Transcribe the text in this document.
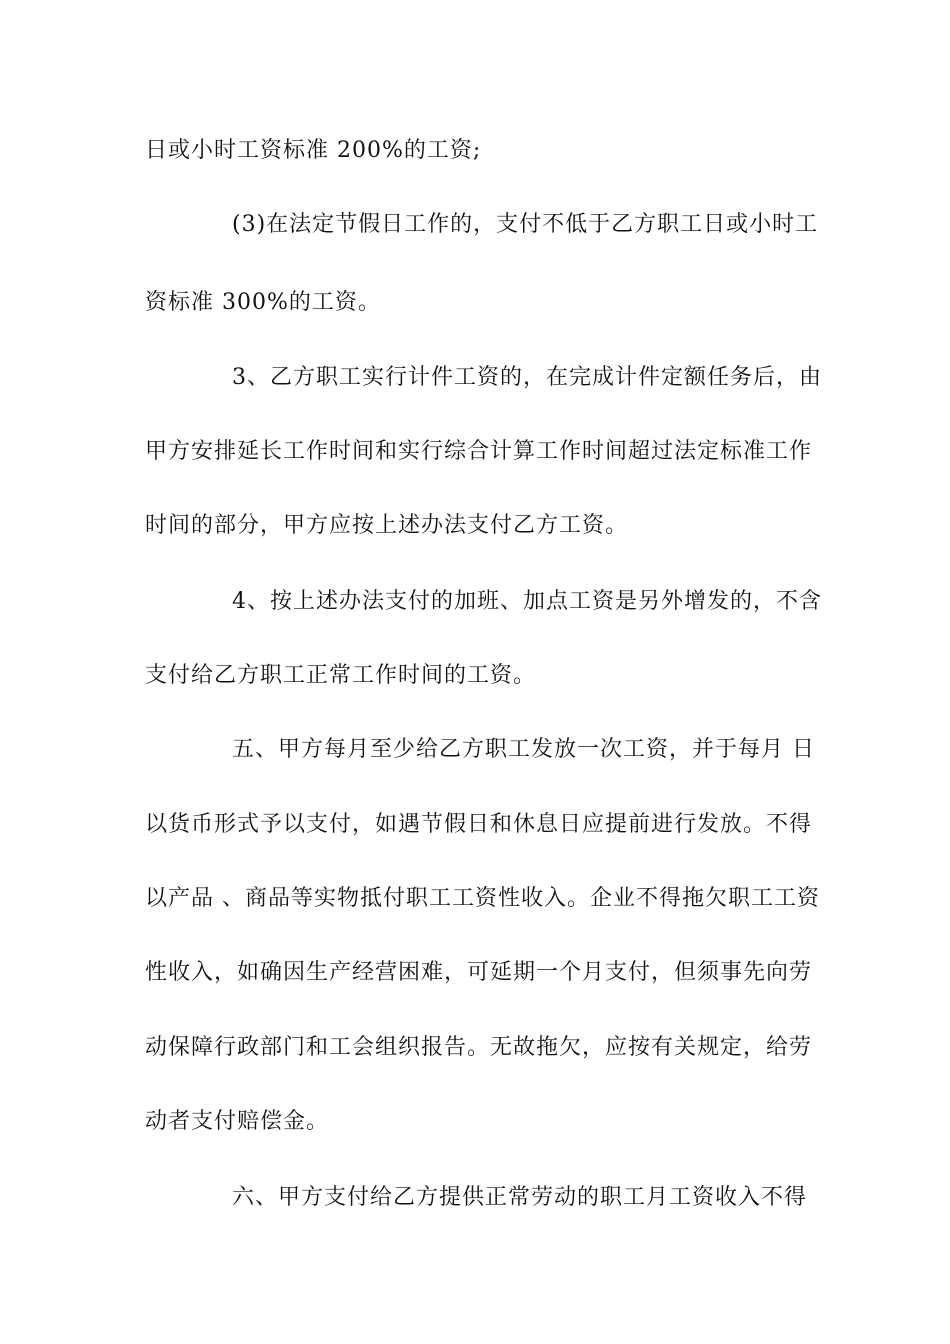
日或小时工资标准 200%的工资;
(3)在法定节假日工作的，支付不低于乙方职工日或小时工
资标准 300%的工资。
3、乙方职工实行计件工资的，在完成计件定额任务后，由
甲方安排延长工作时间和实行综合计算工作时间超过法定标准工作
时间的部分，甲方应按上述办法支付乙方工资。
4、按上述办法支付的加班、加点工资是另外增发的，不含
支付给乙方职工正常工作时间的工资。
五、甲方每月至少给乙方职工发放一次工资，并于每月 日
以货币形式予以支付，如遇节假日和休息日应提前进行发放。不得
以产品 、商品等实物抵付职工工资性收入。企业不得拖欠职工工资
性收入，如确因生产经营困难，可延期一个月支付，但须事先向劳
动保障行政部门和工会组织报告。无故拖欠，应按有关规定，给劳
动者支付赔偿金。
六、甲方支付给乙方提供正常劳动的职工月工资收入不得
